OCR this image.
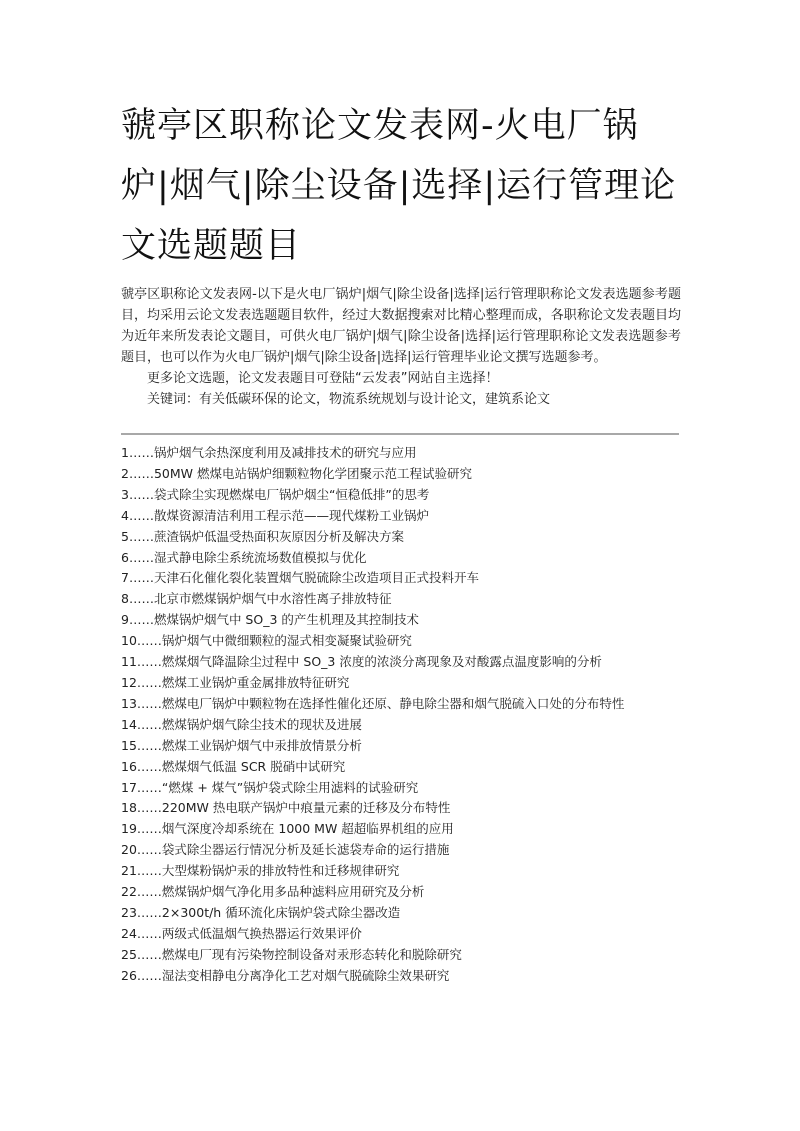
虢亭区职称论文发表网-火电厂锅炉|烟气|除尘设备|选择|运行管理论文选题题目

虢亭区职称论文发表网-以下是火电厂锅炉|烟气|除尘设备|选择|运行管理职称论文发表选题参考题目，均采用云论文发表选题题目软件，经过大数据搜索对比精心整理而成，各职称论文发表题目均为近年来所发表论文题目，可供火电厂锅炉|烟气|除尘设备|选择|运行管理职称论文发表选题参考题目，也可以作为火电厂锅炉|烟气|除尘设备|选择|运行管理毕业论文撰写选题参考。

更多论文选题，论文发表题目可登陆“云发表”网站自主选择！

关键词：有关低碳环保的论文，物流系统规划与设计论文，建筑系论文

1……锅炉烟气余热深度利用及减排技术的研究与应用
2……50MW 燃煤电站锅炉细颗粒物化学团聚示范工程试验研究
3……袋式除尘实现燃煤电厂锅炉烟尘“恒稳低排”的思考
4……散煤资源清洁利用工程示范——现代煤粉工业锅炉
5……蔗渣锅炉低温受热面积灰原因分析及解决方案
6……湿式静电除尘系统流场数值模拟与优化
7……天津石化催化裂化装置烟气脱硫除尘改造项目正式投料开车
8……北京市燃煤锅炉烟气中水溶性离子排放特征
9……燃煤锅炉烟气中 SO_3 的产生机理及其控制技术
10……锅炉烟气中微细颗粒的湿式相变凝聚试验研究
11……燃煤烟气降温除尘过程中 SO_3 浓度的浓淡分离现象及对酸露点温度影响的分析
12……燃煤工业锅炉重金属排放特征研究
13……燃煤电厂锅炉中颗粒物在选择性催化还原、静电除尘器和烟气脱硫入口处的分布特性
14……燃煤锅炉烟气除尘技术的现状及进展
15……燃煤工业锅炉烟气中汞排放情景分析
16……燃煤烟气低温 SCR 脱硝中试研究
17……“燃煤 + 煤气”锅炉袋式除尘用滤料的试验研究
18……220MW 热电联产锅炉中痕量元素的迁移及分布特性
19……烟气深度冷却系统在 1000 MW 超超临界机组的应用
20……袋式除尘器运行情况分析及延长滤袋寿命的运行措施
21……大型煤粉锅炉汞的排放特性和迁移规律研究
22……燃煤锅炉烟气净化用多品种滤料应用研究及分析
23……2×300t/h 循环流化床锅炉袋式除尘器改造
24……两级式低温烟气换热器运行效果评价
25……燃煤电厂现有污染物控制设备对汞形态转化和脱除研究
26……湿法变相静电分离净化工艺对烟气脱硫除尘效果研究
